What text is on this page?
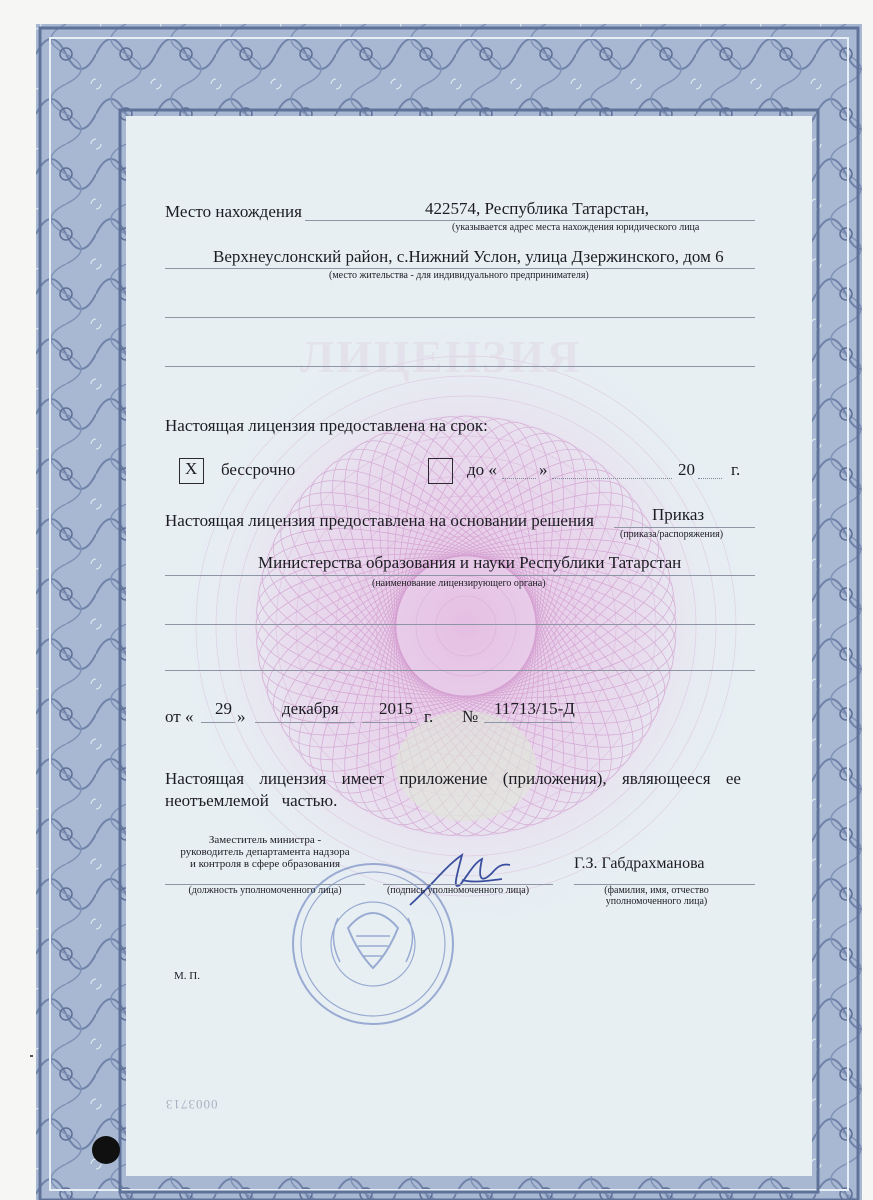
ЛИЦЕНЗИЯ
Место нахождения	422574, Республика Татарстан,
(указывается адрес места нахождения юридического лица
Верхнеуслонский район, с.Нижний Услон, улица Дзержинского, дом 6
(место жительства - для индивидуального предпринимателя)
Настоящая лицензия предоставлена на срок:
X бессрочно	до « »	20 г.
Настоящая лицензия предоставлена на основании решения	Приказ
(приказа/распоряжения)
Министерства образования и науки Республики Татарстан
(наименование лицензирующего органа)
от « 29 » декабря 2015 г. № 11713/15-Д
Настоящая лицензия имеет приложение (приложения), являющееся ее
неотъемлемой   частью.
Заместитель министра -
руководитель департамента надзора
и контроля в сфере образования
(должность уполномоченного лица)	(подпись уполномоченного лица)
Г.З. Габдрахманова
(фамилия, имя, отчество
уполномоченного лица)
М. П.
0003713
